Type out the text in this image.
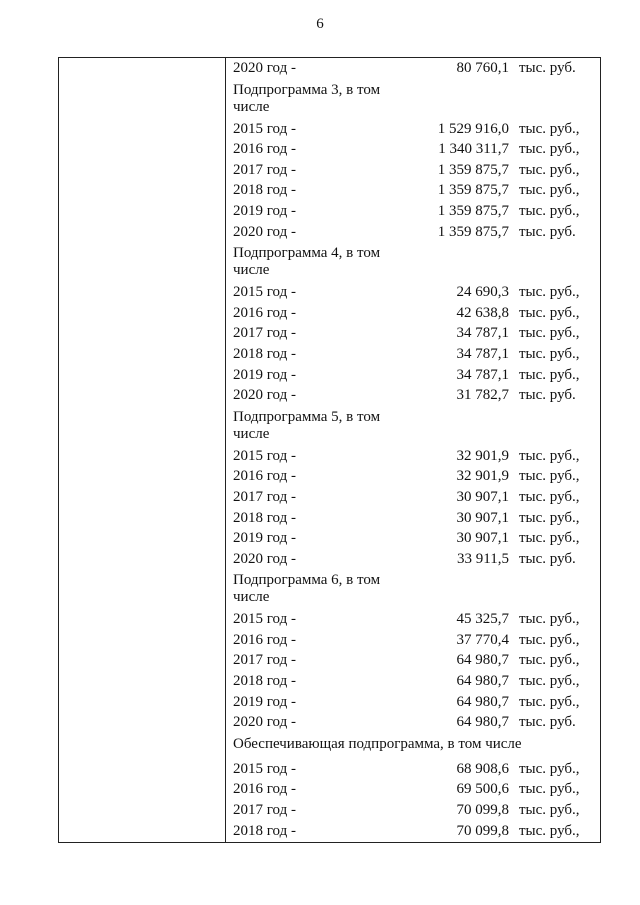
6
2020 год -	80 760,1 тыс. руб.
Подпрограмма 3, в том числе
2015 год -	1 529 916,0 тыс. руб.,
2016 год -	1 340 311,7 тыс. руб.,
2017 год -	1 359 875,7 тыс. руб.,
2018 год -	1 359 875,7 тыс. руб.,
2019 год -	1 359 875,7 тыс. руб.,
2020 год -	1 359 875,7 тыс. руб.
Подпрограмма 4, в том числе
2015 год -	24 690,3 тыс. руб.,
2016 год -	42 638,8 тыс. руб.,
2017 год -	34 787,1 тыс. руб.,
2018 год -	34 787,1 тыс. руб.,
2019 год -	34 787,1 тыс. руб.,
2020 год -	31 782,7 тыс. руб.
Подпрограмма 5, в том числе
2015 год -	32 901,9 тыс. руб.,
2016 год -	32 901,9 тыс. руб.,
2017 год -	30 907,1 тыс. руб.,
2018 год -	30 907,1 тыс. руб.,
2019 год -	30 907,1 тыс. руб.,
2020 год -	33 911,5 тыс. руб.
Подпрограмма 6, в том числе
2015 год -	45 325,7 тыс. руб.,
2016 год -	37 770,4 тыс. руб.,
2017 год -	64 980,7 тыс. руб.,
2018 год -	64 980,7 тыс. руб.,
2019 год -	64 980,7 тыс. руб.,
2020 год -	64 980,7 тыс. руб.
Обеспечивающая подпрограмма, в том числе
2015 год -	68 908,6 тыс. руб.,
2016 год -	69 500,6 тыс. руб.,
2017 год -	70 099,8 тыс. руб.,
2018 год -	70 099,8 тыс. руб.,
